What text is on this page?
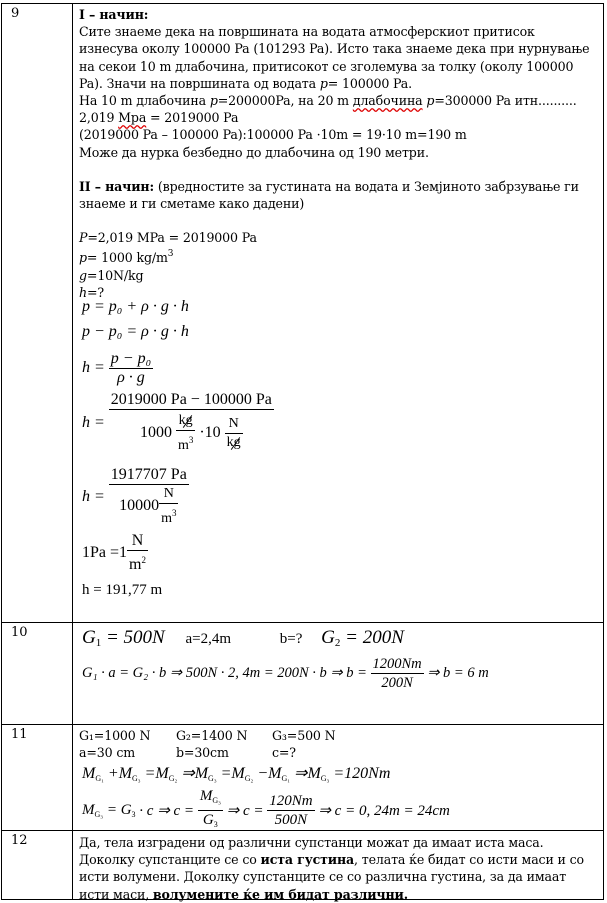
9	I – начин:
Сите знаеме дека на површината на водата атмосферскиот притисок
изнесува околу 100000 Pa (101293 Pa). Исто така знаеме дека при нурнување
на секои 10 m длабочина, притисокот се зголемува за толку (околу 100000
Pa). Значи на површината од водата p= 100000 Pa.
На 10 m длабочина p=200000Pa, на 20 m длабочина p=300000 Pa итн..........
2,019 Mpa = 2019000 Pa
(2019000 Pa – 100000 Pa):100000 Pa ·10m = 19·10 m=190 m
Може да нурка безбедно до длабочина од 190 метри.
II – начин: (вредностите за густината на водата и Земјиното забрзување ги
знаеме и ги сметаме како дадени)
P=2,019 MPa = 2019000 Pa
p= 1000 $kg/m^3$
g=10N/kg
h=?
p = p₀ + ρ · g · h
p − p₀ = ρ · g · h
$h = \frac{\text{p − p₀}}{\rho \cdot g}$
$h = \frac{2019000 Pa - 100000 Pa}{1000 \frac{kg}{m^3} \cdot 10 \frac{N}{kg}}$
$h = \frac{1917707 Pa}{10000 \frac{N}{m^3}}$
$1Pa =1 \frac{N}{m^2}$
h = 191,77 m
10	$G_1 = 500N$ a=2,4m	b=? $G_2 = 200N$
G₁ · a = G₂ · b ⇒ 500N · 2, 4m = 200N · b ⇒ $b = \frac{1200Nm}{200N}$ ⇒ b = 6 m
11	G₁=1000 N G₂=1400 N G₃=500 N
a=30 cm	b=30cm	c=?
$M_{G_1} +M_{G_3} =M_{G_2}$ $\Rightarrow M_{G_3} =M_{G_2} -M_{G_1}$ $\Rightarrow M_{G_3} =120Nm$
$M_{G_3} = G_3 \cdot c$ ⇒ $c = \frac{M_{G_3}}{G_3}$ ⇒ $c = \frac{120Nm}{500N}$ ⇒ c = 0, 24m = 24cm
12	Да, тела изградени од различни супстанци можат да имаат иста маса.
Доколку супстанците се со иста густина, телата ќе бидат со исти маси и со
исти волумени. Доколку супстанците се со различна густина, за да имаат
исти маси, волумените ќе им бидат различни.
